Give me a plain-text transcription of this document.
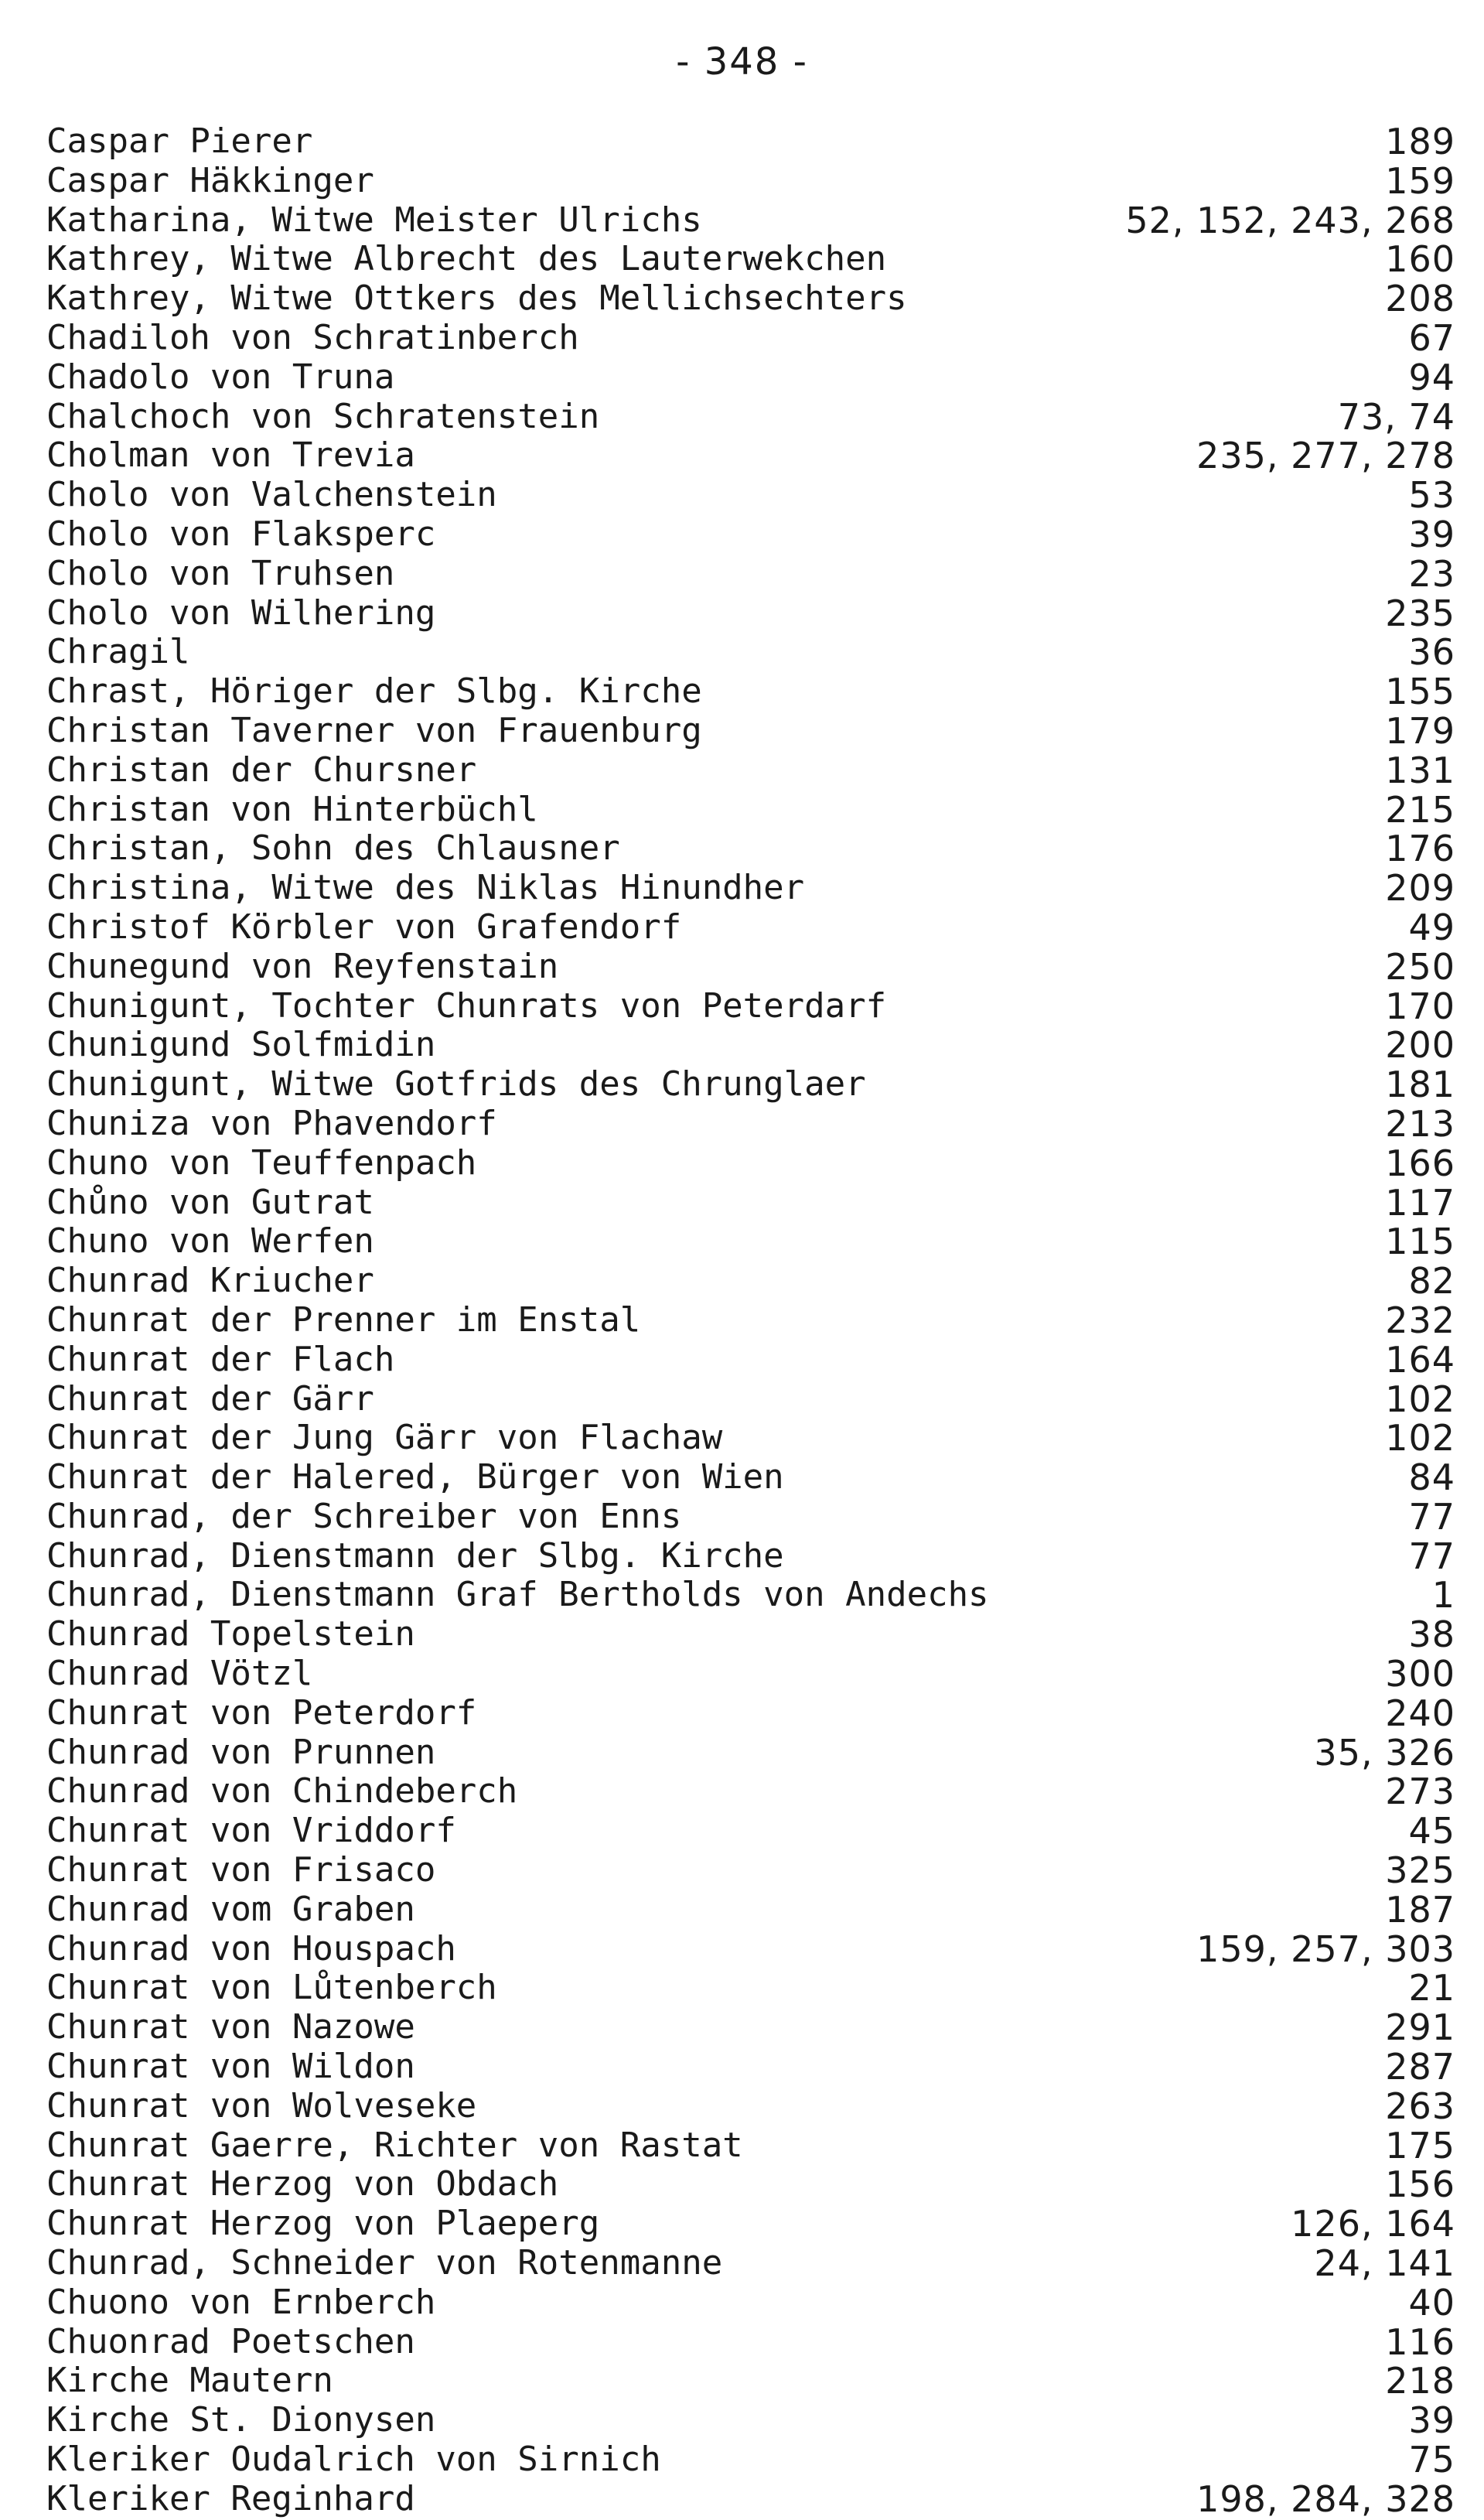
- 348 -
Caspar Pierer	189
Caspar Häkkinger	159
Katharina, Witwe Meister Ulrichs	52, 152, 243, 268
Kathrey, Witwe Albrecht des Lauterwekchen	160
Kathrey, Witwe Ottkers des Mellichsechters	208
Chadiloh von Schratinberch	67
Chadolo von Truna	94
Chalchoch von Schratenstein	73, 74
Cholman von Trevia	235, 277, 278
Cholo von Valchenstein	53
Cholo von Flaksperc	39
Cholo von Truhsen	23
Cholo von Wilhering	235
Chragil	36
Chrast, Höriger der Slbg. Kirche	155
Christan Taverner von Frauenburg	179
Christan der Chursner	131
Christan von Hinterbüchl	215
Christan, Sohn des Chlausner	176
Christina, Witwe des Niklas Hinundher	209
Christof Körbler von Grafendorf	49
Chunegund von Reyfenstain	250
Chunigunt, Tochter Chunrats von Peterdarf	170
Chunigund Solfmidin	200
Chunigunt, Witwe Gotfrids des Chrunglaer	181
Chuniza von Phavendorf	213
Chuno von Teuffenpach	166
Chůno von Gutrat	117
Chuno von Werfen	115
Chunrad Kriucher	82
Chunrat der Prenner im Enstal	232
Chunrat der Flach	164
Chunrat der Gärr	102
Chunrat der Jung Gärr von Flachaw	102
Chunrat der Halered, Bürger von Wien	84
Chunrad, der Schreiber von Enns	77
Chunrad, Dienstmann der Slbg. Kirche	77
Chunrad, Dienstmann Graf Bertholds von Andechs	1
Chunrad Topelstein	38
Chunrad Vötzl	300
Chunrat von Peterdorf	240
Chunrad von Prunnen	35, 326
Chunrad von Chindeberch	273
Chunrat von Vriddorf	45
Chunrat von Frisaco	325
Chunrad vom Graben	187
Chunrad von Houspach	159, 257, 303
Chunrat von Lůtenberch	21
Chunrat von Nazowe	291
Chunrat von Wildon	287
Chunrat von Wolveseke	263
Chunrat Gaerre, Richter von Rastat	175
Chunrat Herzog von Obdach	156
Chunrat Herzog von Plaeperg	126, 164
Chunrad, Schneider von Rotenmanne	24, 141
Chuono von Ernberch	40
Chuonrad Poetschen	116
Kirche Mautern	218
Kirche St. Dionysen	39
Kleriker Oudalrich von Sirnich	75
Kleriker Reginhard	198, 284, 328
